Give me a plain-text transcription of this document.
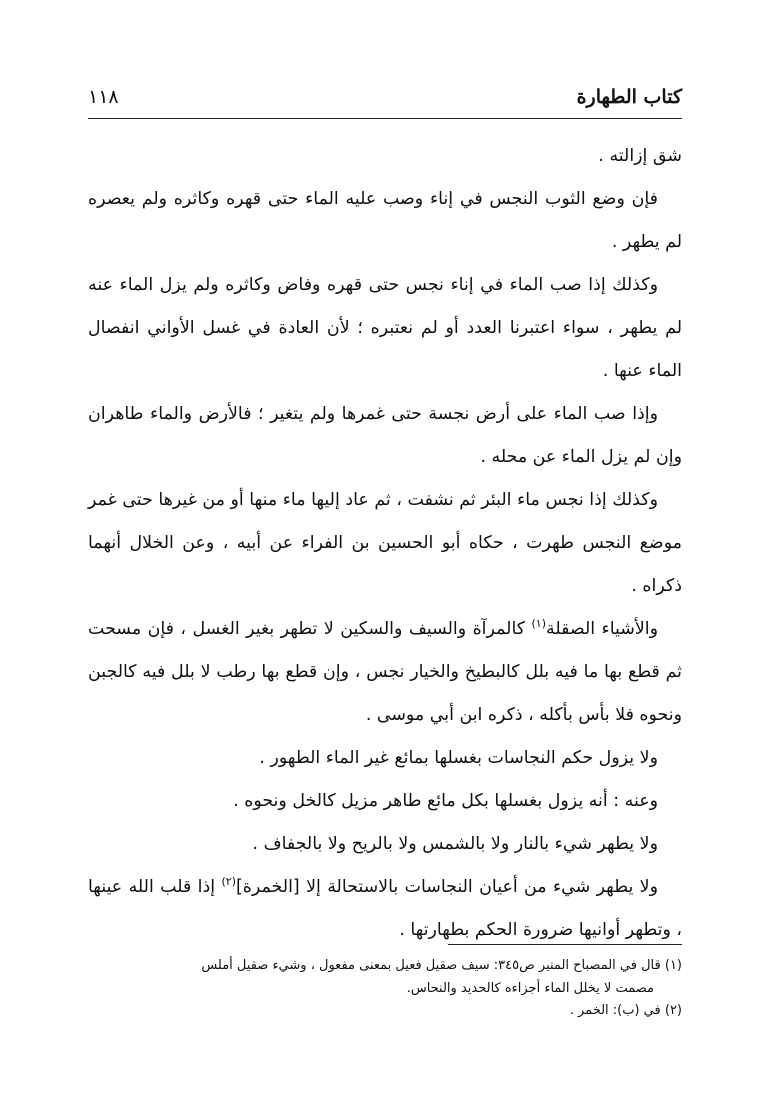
كتاب الطهارة
١١٨

شق إزالته .

فإن وضع الثوب النجس في إناء وصب عليه الماء حتى قهره وكاثره ولم يعصره لم يطهر .

وكذلك إذا صب الماء في إناء نجس حتى قهره وفاض وكاثره ولم يزل الماء عنه لم يطهر ، سواء اعتبرنا العدد أو لم نعتبره ؛ لأن العادة في غسل الأواني انفصال الماء عنها .

وإذا صب الماء على أرض نجسة حتى غمرها ولم يتغير ؛ فالأرض والماء طاهران وإن لم يزل الماء عن محله .

وكذلك إذا نجس ماء البئر ثم نشفت ، ثم عاد إليها ماء منها أو من غيرها حتى غمر موضع النجس طهرت ، حكاه أبو الحسين بن الفراء عن أبيه ، وعن الخلال أنهما ذكراه .

والأشياء الصقلة$^{(١)}$ كالمرآة والسيف والسكين لا تطهر بغير الغسل ، فإن مسحت ثم قطع بها ما فيه بلل كالبطيخ والخيار نجس ، وإن قطع بها رطب لا بلل فيه كالجبن ونحوه فلا بأس بأكله ، ذكره ابن أبي موسى .

ولا يزول حكم النجاسات بغسلها بمائع غير الماء الطهور .

وعنه : أنه يزول بغسلها بكل مائع طاهر مزيل كالخل ونحوه .

ولا يطهر شيء بالنار ولا بالشمس ولا بالريح ولا بالجفاف .

ولا يطهر شيء من أعيان النجاسات بالاستحالة إلا [الخمرة]$^{(٢)}$ إذا قلب الله عينها ، وتطهر أوانيها ضرورة الحكم بطهارتها .

(١) قال في المصباح المنير ص٣٤٥: سيف صقيل فعيل بمعنى مفعول ، وشيء صقيل أملس

مصمت لا يخلل الماء أجزاءه كالحديد والنحاس.

(٢) في (ب): الخمر .
